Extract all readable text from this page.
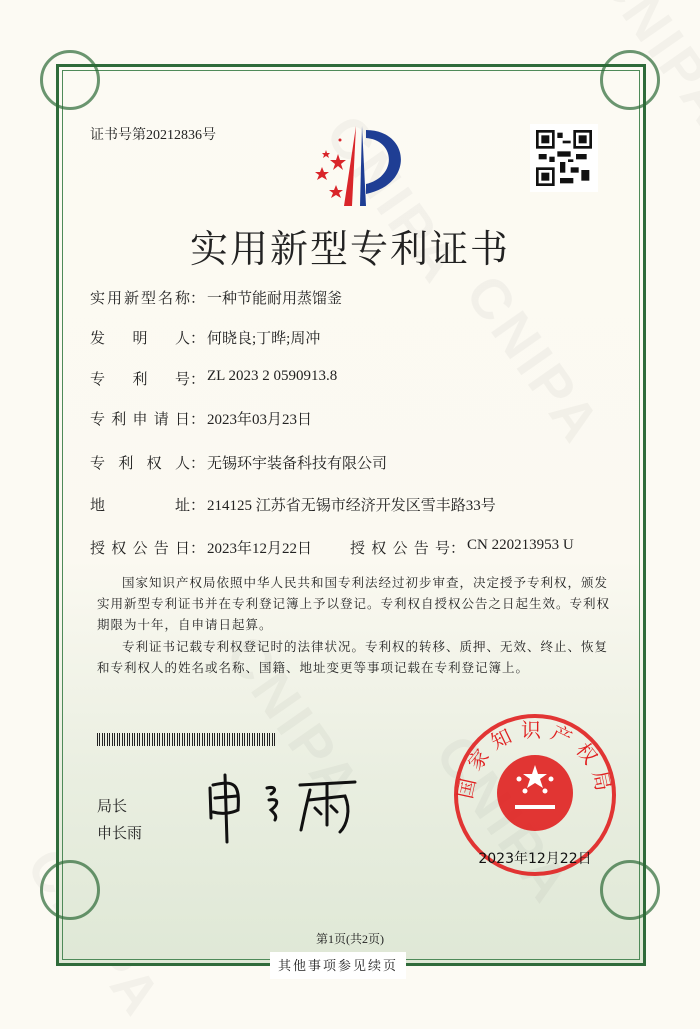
证书号第20212836号
实用新型专利证书
实用新型名称 ： 一种节能耐用蒸馏釜
发明人 ： 何晓良;丁晔;周冲
专利号 ： ZL 2023 2 0590913.8
专利申请日 ： 2023年03月23日
专利权人 ： 无锡环宇装备科技有限公司
地址 ： 214125 江苏省无锡市经济开发区雪丰路33号
授权公告日 ： 2023年12月22日	授 权 公 告 号 ： CN 220213953 U

国家知识产权局依照中华人民共和国专利法经过初步审查，决定授予专利权，颁发实用新型专利证书并在专利登记簿上予以登记。专利权自授权公告之日起生效。专利权期限为十年，自申请日起算。

专利证书记载专利权登记时的法律状况。专利权的转移、质押、无效、终止、恢复和专利权人的姓名或名称、国籍、地址变更等事项记载在专利登记簿上。

局长
申长雨
国家知识产权局
2023年12月22日
第1页(共2页)
其他事项参见续页
